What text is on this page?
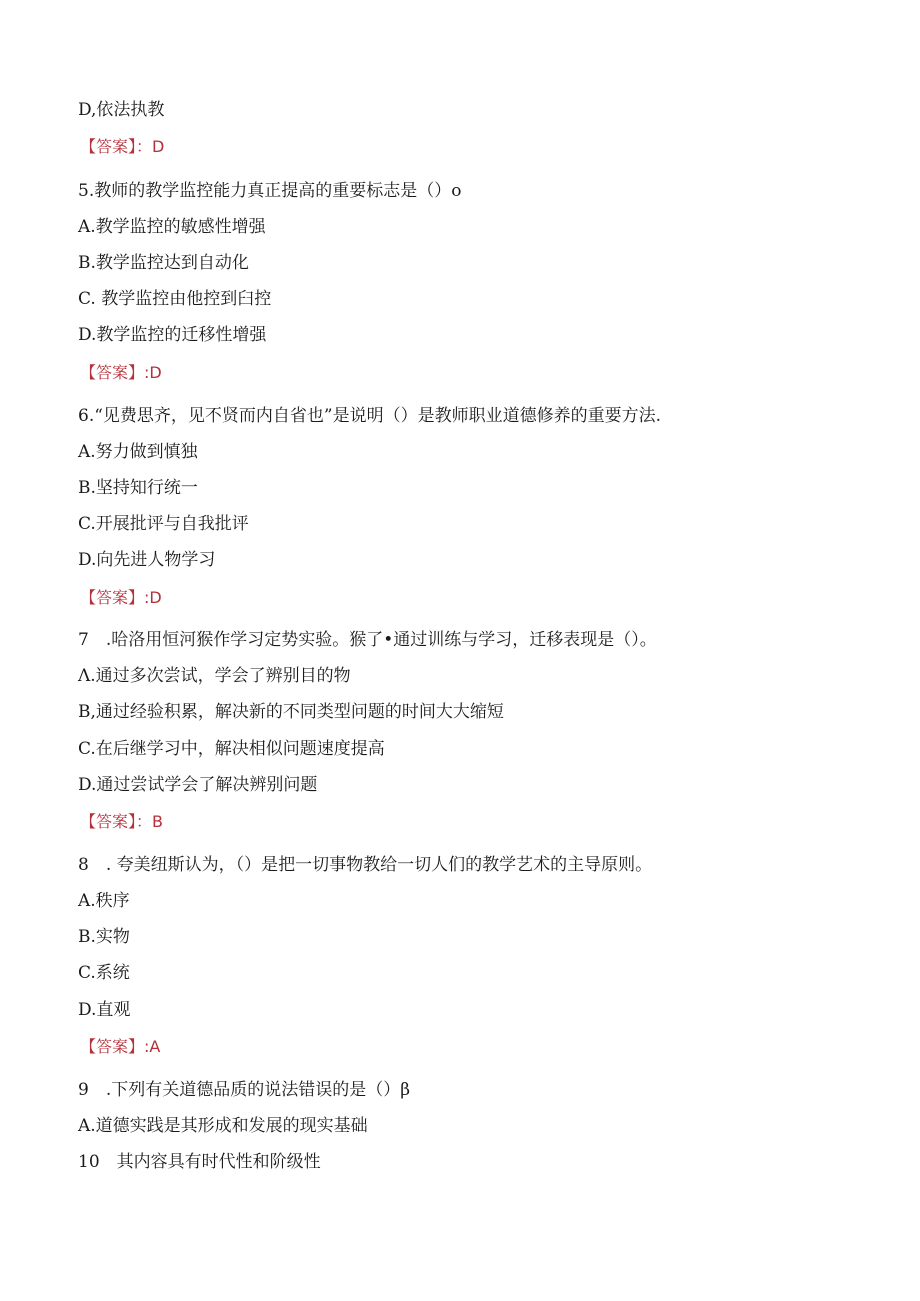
D,依法执教
【答案】：D
5.教师的教学监控能力真正提高的重要标志是（）o
A.教学监控的敏感性增强
B.教学监控达到自动化
C. 教学监控由他控到臼控
D.教学监控的迁移性增强
【答案】:D
6.“见费思齐，见不贤而内自省也”是说明（）是教师职业道德修养的重要方法.
A.努力做到慎独
B.坚持知行统一
C.开展批评与自我批评
D.向先进人物学习
【答案】:D
7　.哈洛用恒河猴作学习定势实验。猴了•通过训练与学习，迁移表现是（）。
Λ.通过多次尝试，学会了辨别目的物
B,通过经验积累，解决新的不同类型问题的时间大大缩短
C.在后继学习中，解决相似问题速度提高
D.通过尝试学会了解决辨别问题
【答案】：B
8　. 夸美纽斯认为，（）是把一切事物教给一切人们的教学艺术的主导原则。
A.秩序
B.实物
C.系统
D.直观
【答案】:A
9　.下列有关道德品质的说法错误的是（）β
A.道德实践是其形成和发展的现实基础
10　其内容具有时代性和阶级性
